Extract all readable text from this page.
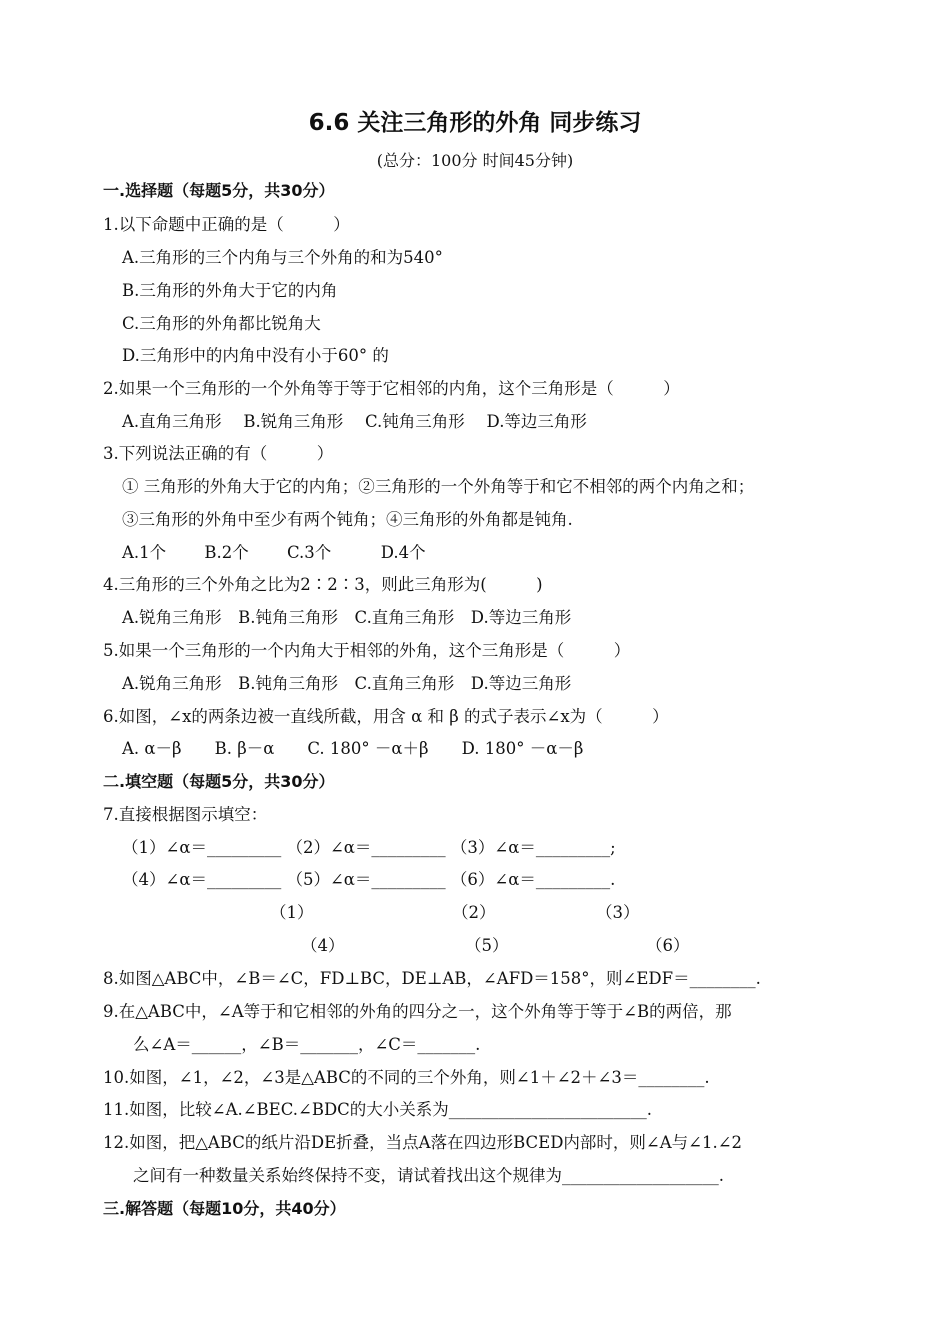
6.6 关注三角形的外角 同步练习
(总分：100分 时间45分钟)
一.选择题（每题5分，共30分）
1.以下命题中正确的是（　　　）
A.三角形的三个内角与三个外角的和为540°
B.三角形的外角大于它的内角
C.三角形的外角都比锐角大
D.三角形中的内角中没有小于60° 的
2.如果一个三角形的一个外角等于等于它相邻的内角，这个三角形是（　　　）
A.直角三角形　 B.锐角三角形　 C.钝角三角形　 D.等边三角形
3.下列说法正确的有（　　　）
① 三角形的外角大于它的内角；②三角形的一个外角等于和它不相邻的两个内角之和；
③三角形的外角中至少有两个钝角；④三角形的外角都是钝角.
A.1个　　 B.2个　　 C.3个　　　D.4个
4.三角形的三个外角之比为2∶2∶3，则此三角形为(　　　)
A.锐角三角形　B.钝角三角形　C.直角三角形　D.等边三角形
5.如果一个三角形的一个内角大于相邻的外角，这个三角形是（　　　）
A.锐角三角形　B.钝角三角形　C.直角三角形　D.等边三角形
6.如图，∠x的两条边被一直线所截，用含 α 和 β 的式子表示∠x为（　　　）
A. α－β　　B. β－α　　C. 180° －α＋β　　D. 180° －α－β
二.填空题（每题5分，共30分）
7.直接根据图示填空：
（1）∠α＝_________ （2）∠α＝_________ （3）∠α＝_________;
（4）∠α＝_________ （5）∠α＝_________ （6）∠α＝_________.
（1）	（2）	（3）
（4）	（5）	（6）
8.如图△ABC中，∠B＝∠C，FD⊥BC，DE⊥AB，∠AFD＝158°，则∠EDF＝________.
9.在△ABC中，∠A等于和它相邻的外角的四分之一，这个外角等于等于∠B的两倍，那
么∠A＝______，∠B＝_______，∠C＝_______.
10.如图，∠1，∠2，∠3是△ABC的不同的三个外角，则∠1＋∠2＋∠3＝________.
11.如图，比较∠A.∠BEC.∠BDC的大小关系为________________________.
12.如图，把△ABC的纸片沿DE折叠，当点A落在四边形BCED内部时，则∠A与∠1.∠2
之间有一种数量关系始终保持不变，请试着找出这个规律为___________________.
三.解答题（每题10分，共40分）
